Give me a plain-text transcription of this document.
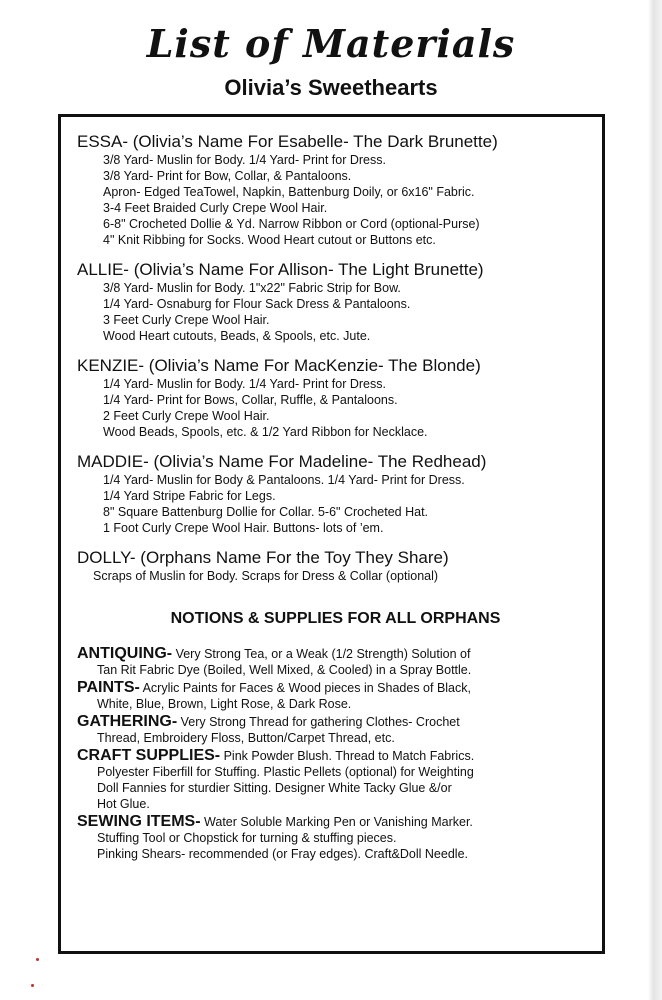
List of Materials
Olivia’s Sweethearts
ESSA- (Olivia’s Name For Esabelle- The Dark Brunette)
3/8 Yard- Muslin for Body. 1/4 Yard- Print for Dress.
3/8 Yard- Print for Bow, Collar, & Pantaloons.
Apron- Edged TeaTowel, Napkin, Battenburg Doily, or 6x16" Fabric.
3-4 Feet Braided Curly Crepe Wool Hair.
6-8" Crocheted Dollie & Yd. Narrow Ribbon or Cord (optional-Purse)
4" Knit Ribbing for Socks. Wood Heart cutout or Buttons etc.
ALLIE- (Olivia’s Name For Allison- The Light Brunette)
3/8 Yard- Muslin for Body. 1"x22" Fabric Strip for Bow.
1/4 Yard- Osnaburg for Flour Sack Dress & Pantaloons.
3 Feet Curly Crepe Wool Hair.
Wood Heart cutouts, Beads, & Spools, etc. Jute.
KENZIE- (Olivia’s Name For MacKenzie- The Blonde)
1/4 Yard- Muslin for Body. 1/4 Yard- Print for Dress.
1/4 Yard- Print for Bows, Collar, Ruffle, & Pantaloons.
2 Feet Curly Crepe Wool Hair.
Wood Beads, Spools, etc. & 1/2 Yard Ribbon for Necklace.
MADDIE- (Olivia’s Name For Madeline- The Redhead)
1/4 Yard- Muslin for Body & Pantaloons. 1/4 Yard- Print for Dress.
1/4 Yard Stripe Fabric for Legs.
8" Square Battenburg Dollie for Collar. 5-6" Crocheted Hat.
1 Foot Curly Crepe Wool Hair. Buttons- lots of ’em.
DOLLY- (Orphans Name For the Toy They Share)
Scraps of Muslin for Body. Scraps for Dress & Collar (optional)
NOTIONS & SUPPLIES FOR ALL ORPHANS
ANTIQUING- Very Strong Tea, or a Weak (1/2 Strength) Solution of
Tan Rit Fabric Dye (Boiled, Well Mixed, & Cooled) in a Spray Bottle.
PAINTS- Acrylic Paints for Faces & Wood pieces in Shades of Black,
White, Blue, Brown, Light Rose, & Dark Rose.
GATHERING- Very Strong Thread for gathering Clothes- Crochet
Thread, Embroidery Floss, Button/Carpet Thread, etc.
CRAFT SUPPLIES- Pink Powder Blush. Thread to Match Fabrics.
Polyester Fiberfill for Stuffing. Plastic Pellets (optional) for Weighting
Doll Fannies for sturdier Sitting. Designer White Tacky Glue &/or
Hot Glue.
SEWING ITEMS- Water Soluble Marking Pen or Vanishing Marker.
Stuffing Tool or Chopstick for turning & stuffing pieces.
Pinking Shears- recommended (or Fray edges). Craft&Doll Needle.
